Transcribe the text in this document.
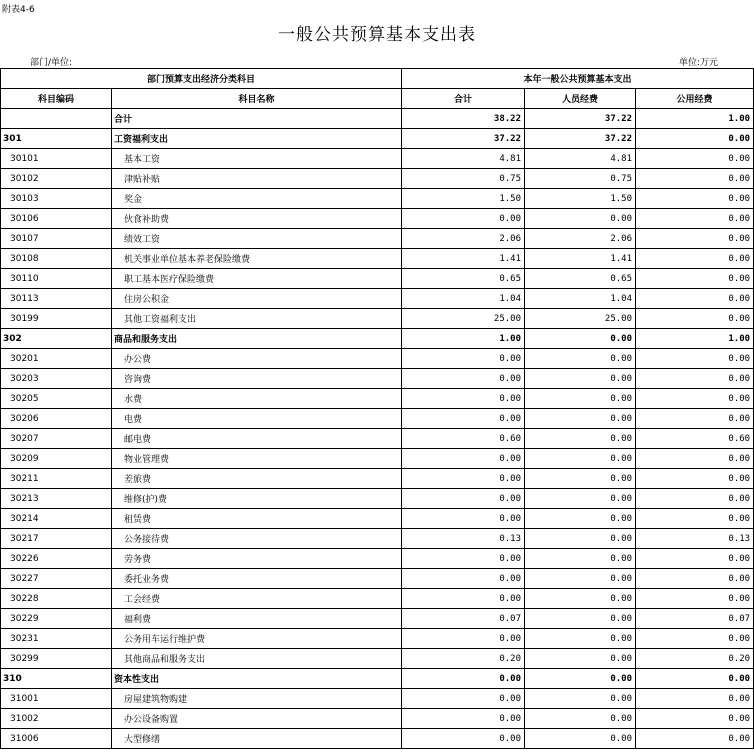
附表4-6
一般公共预算基本支出表
部门/单位:	单位:万元
部门预算支出经济分类科目		本年一般公共预算基本支出		
科目编码	科目名称	合计	人员经费	公用经费
	合计	38.22	37.22	1.00
301	工资福利支出	37.22	37.22	0.00
30101	基本工资	4.81	4.81	0.00
30102	津贴补贴	0.75	0.75	0.00
30103	奖金	1.50	1.50	0.00
30106	伙食补助费	0.00	0.00	0.00
30107	绩效工资	2.06	2.06	0.00
30108	机关事业单位基本养老保险缴费	1.41	1.41	0.00
30110	职工基本医疗保险缴费	0.65	0.65	0.00
30113	住房公积金	1.04	1.04	0.00
30199	其他工资福利支出	25.00	25.00	0.00
302	商品和服务支出	1.00	0.00	1.00
30201	办公费	0.00	0.00	0.00
30203	咨询费	0.00	0.00	0.00
30205	水费	0.00	0.00	0.00
30206	电费	0.00	0.00	0.00
30207	邮电费	0.60	0.00	0.60
30209	物业管理费	0.00	0.00	0.00
30211	差旅费	0.00	0.00	0.00
30213	维修(护)费	0.00	0.00	0.00
30214	租赁费	0.00	0.00	0.00
30217	公务接待费	0.13	0.00	0.13
30226	劳务费	0.00	0.00	0.00
30227	委托业务费	0.00	0.00	0.00
30228	工会经费	0.00	0.00	0.00
30229	福利费	0.07	0.00	0.07
30231	公务用车运行维护费	0.00	0.00	0.00
30299	其他商品和服务支出	0.20	0.00	0.20
310	资本性支出	0.00	0.00	0.00
31001	房屋建筑物购建	0.00	0.00	0.00
31002	办公设备购置	0.00	0.00	0.00
31006	大型修缮	0.00	0.00	0.00
